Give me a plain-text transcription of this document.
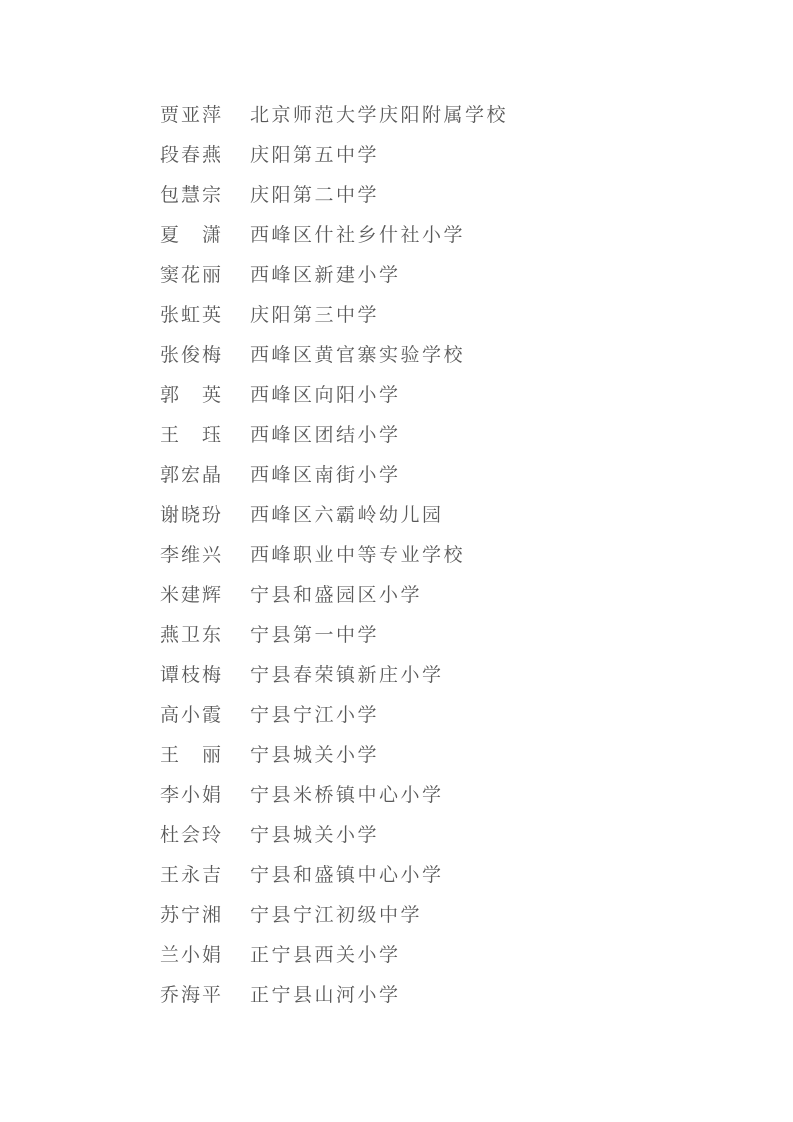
贾亚萍 北京师范大学庆阳附属学校
段春燕 庆阳第五中学
包慧宗 庆阳第二中学
夏　潇 西峰区什社乡什社小学
窦花丽 西峰区新建小学
张虹英 庆阳第三中学
张俊梅 西峰区黄官寨实验学校
郭　英 西峰区向阳小学
王　珏 西峰区团结小学
郭宏晶 西峰区南街小学
谢晓玢 西峰区六霸岭幼儿园
李维兴 西峰职业中等专业学校
米建辉 宁县和盛园区小学
燕卫东 宁县第一中学
谭枝梅 宁县春荣镇新庄小学
高小霞 宁县宁江小学
王　丽 宁县城关小学
李小娟 宁县米桥镇中心小学
杜会玲 宁县城关小学
王永吉 宁县和盛镇中心小学
苏宁湘 宁县宁江初级中学
兰小娟 正宁县西关小学
乔海平 正宁县山河小学
